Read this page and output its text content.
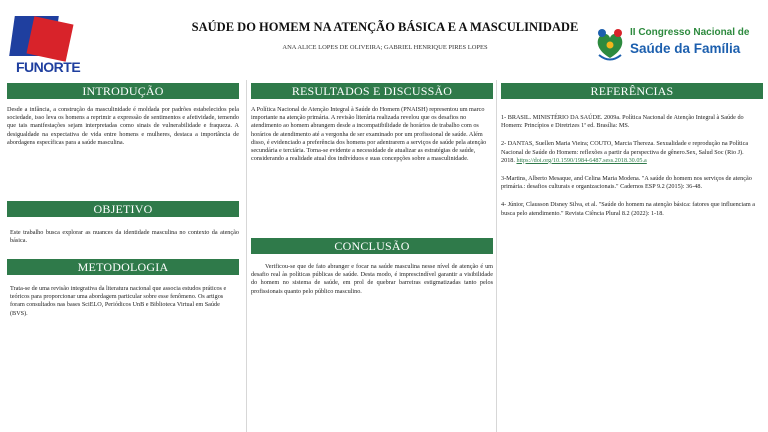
FUNORTE
SAÚDE DO HOMEM NA ATENÇÃO BÁSICA E A MASCULINIDADE
ANA ALICE LOPES DE OLIVEIRA; GABRIEL HENRIQUE PIRES LOPES
II Congresso Nacional de
Saúde da Família
INTRODUÇÃO
Desde a infância, a construção da masculinidade é moldada por padrões estabelecidos pela sociedade, isso leva os homens a reprimir a expressão de sentimentos e afetividade, temendo que tais manifestações sejam interpretadas como sinais de vulnerabilidade e fraqueza. A desigualdade na expectativa de vida entre homens e mulheres, destaca a importância de abordagens específicas para a saúde masculina.
OBJETIVO
Este trabalho busca explorar as nuances da identidade masculina no contexto da atenção básica.
METODOLOGIA
Trata-se de uma revisão integrativa da literatura nacional que associa estudos práticos e teóricos para proporcionar uma abordagem particular sobre esse fenômeno. Os artigos foram consultados nas bases SciELO, Periódicos UnB e Biblioteca Virtual em Saúde (BVS).
RESULTADOS E DISCUSSÃO
A Política Nacional de Atenção Integral à Saúde do Homem (PNAISH) representou um marco importante na atenção primária. A revisão literária realizada revelou que os desafios no atendimento ao homem abrangem desde a incompatibilidade de horários de trabalho com os horários de atendimento até a vergonha de ser examinado por um profissional de saúde. Além disso, é evidenciado a preferência dos homens por adentrarem a serviços de saúde pela atenção secundária e terciária. Torna-se evidente a necessidade de atualizar as estratégias de saúde, considerando a realidade atual dos indivíduos e suas concepções sobre a masculinidade.
CONCLUSÃO
Verificou-se que de fato abranger e focar na saúde masculina nesse nível de atenção é um desafio real às políticas públicas de saúde. Desta modo, é imprescindível garantir a visibilidade do homem no sistema de saúde, em prol de quebrar barreiras estigmatizadas tanto pelos profissionais quanto pelo público masculino.
REFERÊNCIAS

1- BRASIL. MINISTÉRIO DA SAÚDE. 2009a. Política Nacional de Atenção Integral à Saúde do Homem: Princípios e Diretrizes 1ª ed. Brasília: MS.

2- DANTAS, Suellen Maria Vieira; COUTO, Marcia Thereza. Sexualidade e reprodução na Política Nacional de Saúde do Homem: reflexões a partir da perspectiva de gênero.Sex, Salud Soc (Rio J). 2018. https://doi.org/10.1590/1984-6487.sess.2018.30.05.a

3-Martins, Alberto Mesaque, and Celina Maria Modena. "A saúde do homem nos serviços de atenção primária.: desafios culturais e organizacionais." Cadernos ESP 9.2 (2015): 36-48.

4- Júnior, Clausson Disney Silva, et al. "Saúde do homem na atenção básica: fatores que influenciam a busca pelo atendimento." Revista Ciência Plural 8.2 (2022): 1-18.
